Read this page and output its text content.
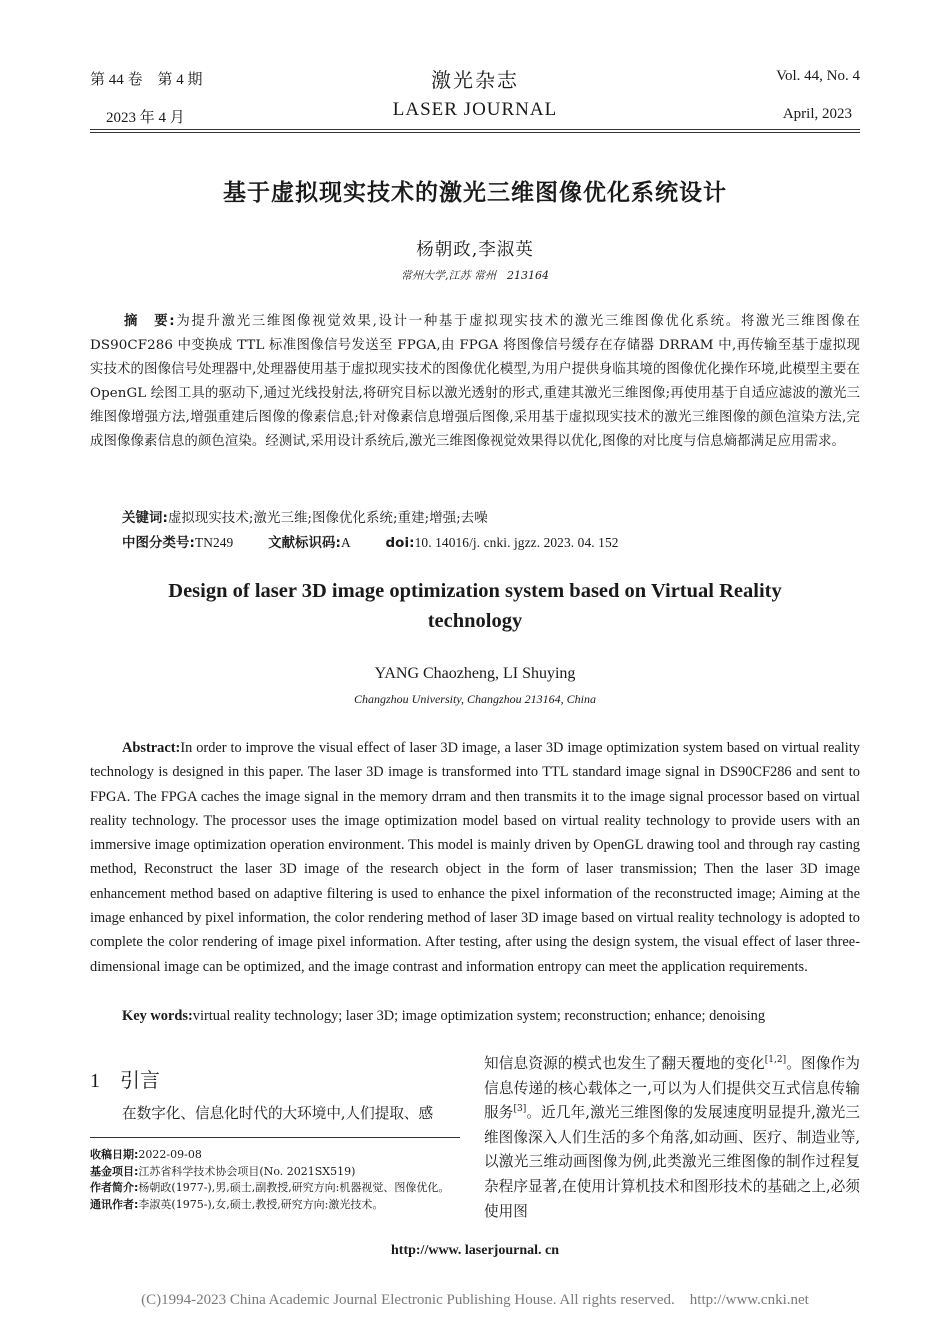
第 44 卷　第 4 期
2023 年 4 月
激光杂志
LASER JOURNAL
Vol. 44, No. 4
April, 2023
基于虚拟现实技术的激光三维图像优化系统设计
杨朝政,李淑英
常州大学,江苏 常州　213164
摘　要:为提升激光三维图像视觉效果,设计一种基于虚拟现实技术的激光三维图像优化系统。将激光三维图像在 DS90CF286 中变换成 TTL 标准图像信号发送至 FPGA,由 FPGA 将图像信号缓存在存储器 DRRAM 中,再传输至基于虚拟现实技术的图像信号处理器中,处理器使用基于虚拟现实技术的图像优化模型,为用户提供身临其境的图像优化操作环境,此模型主要在 OpenGL 绘图工具的驱动下,通过光线投射法,将研究目标以激光透射的形式,重建其激光三维图像;再使用基于自适应滤波的激光三维图像增强方法,增强重建后图像的像素信息;针对像素信息增强后图像,采用基于虚拟现实技术的激光三维图像的颜色渲染方法,完成图像像素信息的颜色渲染。经测试,采用设计系统后,激光三维图像视觉效果得以优化,图像的对比度与信息熵都满足应用需求。
关键词:虚拟现实技术;激光三维;图像优化系统;重建;增强;去噪
中图分类号:TN249	文献标识码:A	doi:10. 14016/j. cnki. jgzz. 2023. 04. 152
Design of laser 3D image optimization system based on Virtual Reality
technology
YANG Chaozheng, LI Shuying
Changzhou University, Changzhou 213164, China
Abstract:In order to improve the visual effect of laser 3D image, a laser 3D image optimization system based on virtual reality technology is designed in this paper. The laser 3D image is transformed into TTL standard image signal in DS90CF286 and sent to FPGA. The FPGA caches the image signal in the memory drram and then transmits it to the image signal processor based on virtual reality technology. The processor uses the image optimization model based on virtual reality technology to provide users with an immersive image optimization operation environment. This model is mainly driven by OpenGL drawing tool and through ray casting method, Reconstruct the laser 3D image of the research object in the form of laser transmission; Then the laser 3D image enhancement method based on adaptive filtering is used to enhance the pixel information of the reconstructed image; Aiming at the image enhanced by pixel information, the color rendering method of laser 3D image based on virtual reality technology is adopted to complete the color rendering of image pixel information. After testing, after using the design system, the visual effect of laser three-dimensional image can be optimized, and the image contrast and information entropy can meet the application requirements.
Key words:virtual reality technology; laser 3D; image optimization system; reconstruction; enhance; denoising
1 引言
在数字化、信息化时代的大环境中,人们提取、感
收稿日期:2022-09-08
基金项目:江苏省科学技术协会项目(No. 2021SX519)
作者简介:杨朝政(1977-),男,硕士,副教授,研究方向:机器视觉、图像优化。
通讯作者:李淑英(1975-),女,硕士,教授,研究方向:激光技术。
知信息资源的模式也发生了翻天覆地的变化[1,2]。图像作为信息传递的核心载体之一,可以为人们提供交互式信息传输服务[3]。近几年,激光三维图像的发展速度明显提升,激光三维图像深入人们生活的多个角落,如动画、医疗、制造业等,以激光三维动画图像为例,此类激光三维图像的制作过程复杂程序显著,在使用计算机技术和图形技术的基础之上,必须使用图
http://www. laserjournal. cn
(C)1994-2023 China Academic Journal Electronic Publishing House. All rights reserved.　http://www.cnki.net
